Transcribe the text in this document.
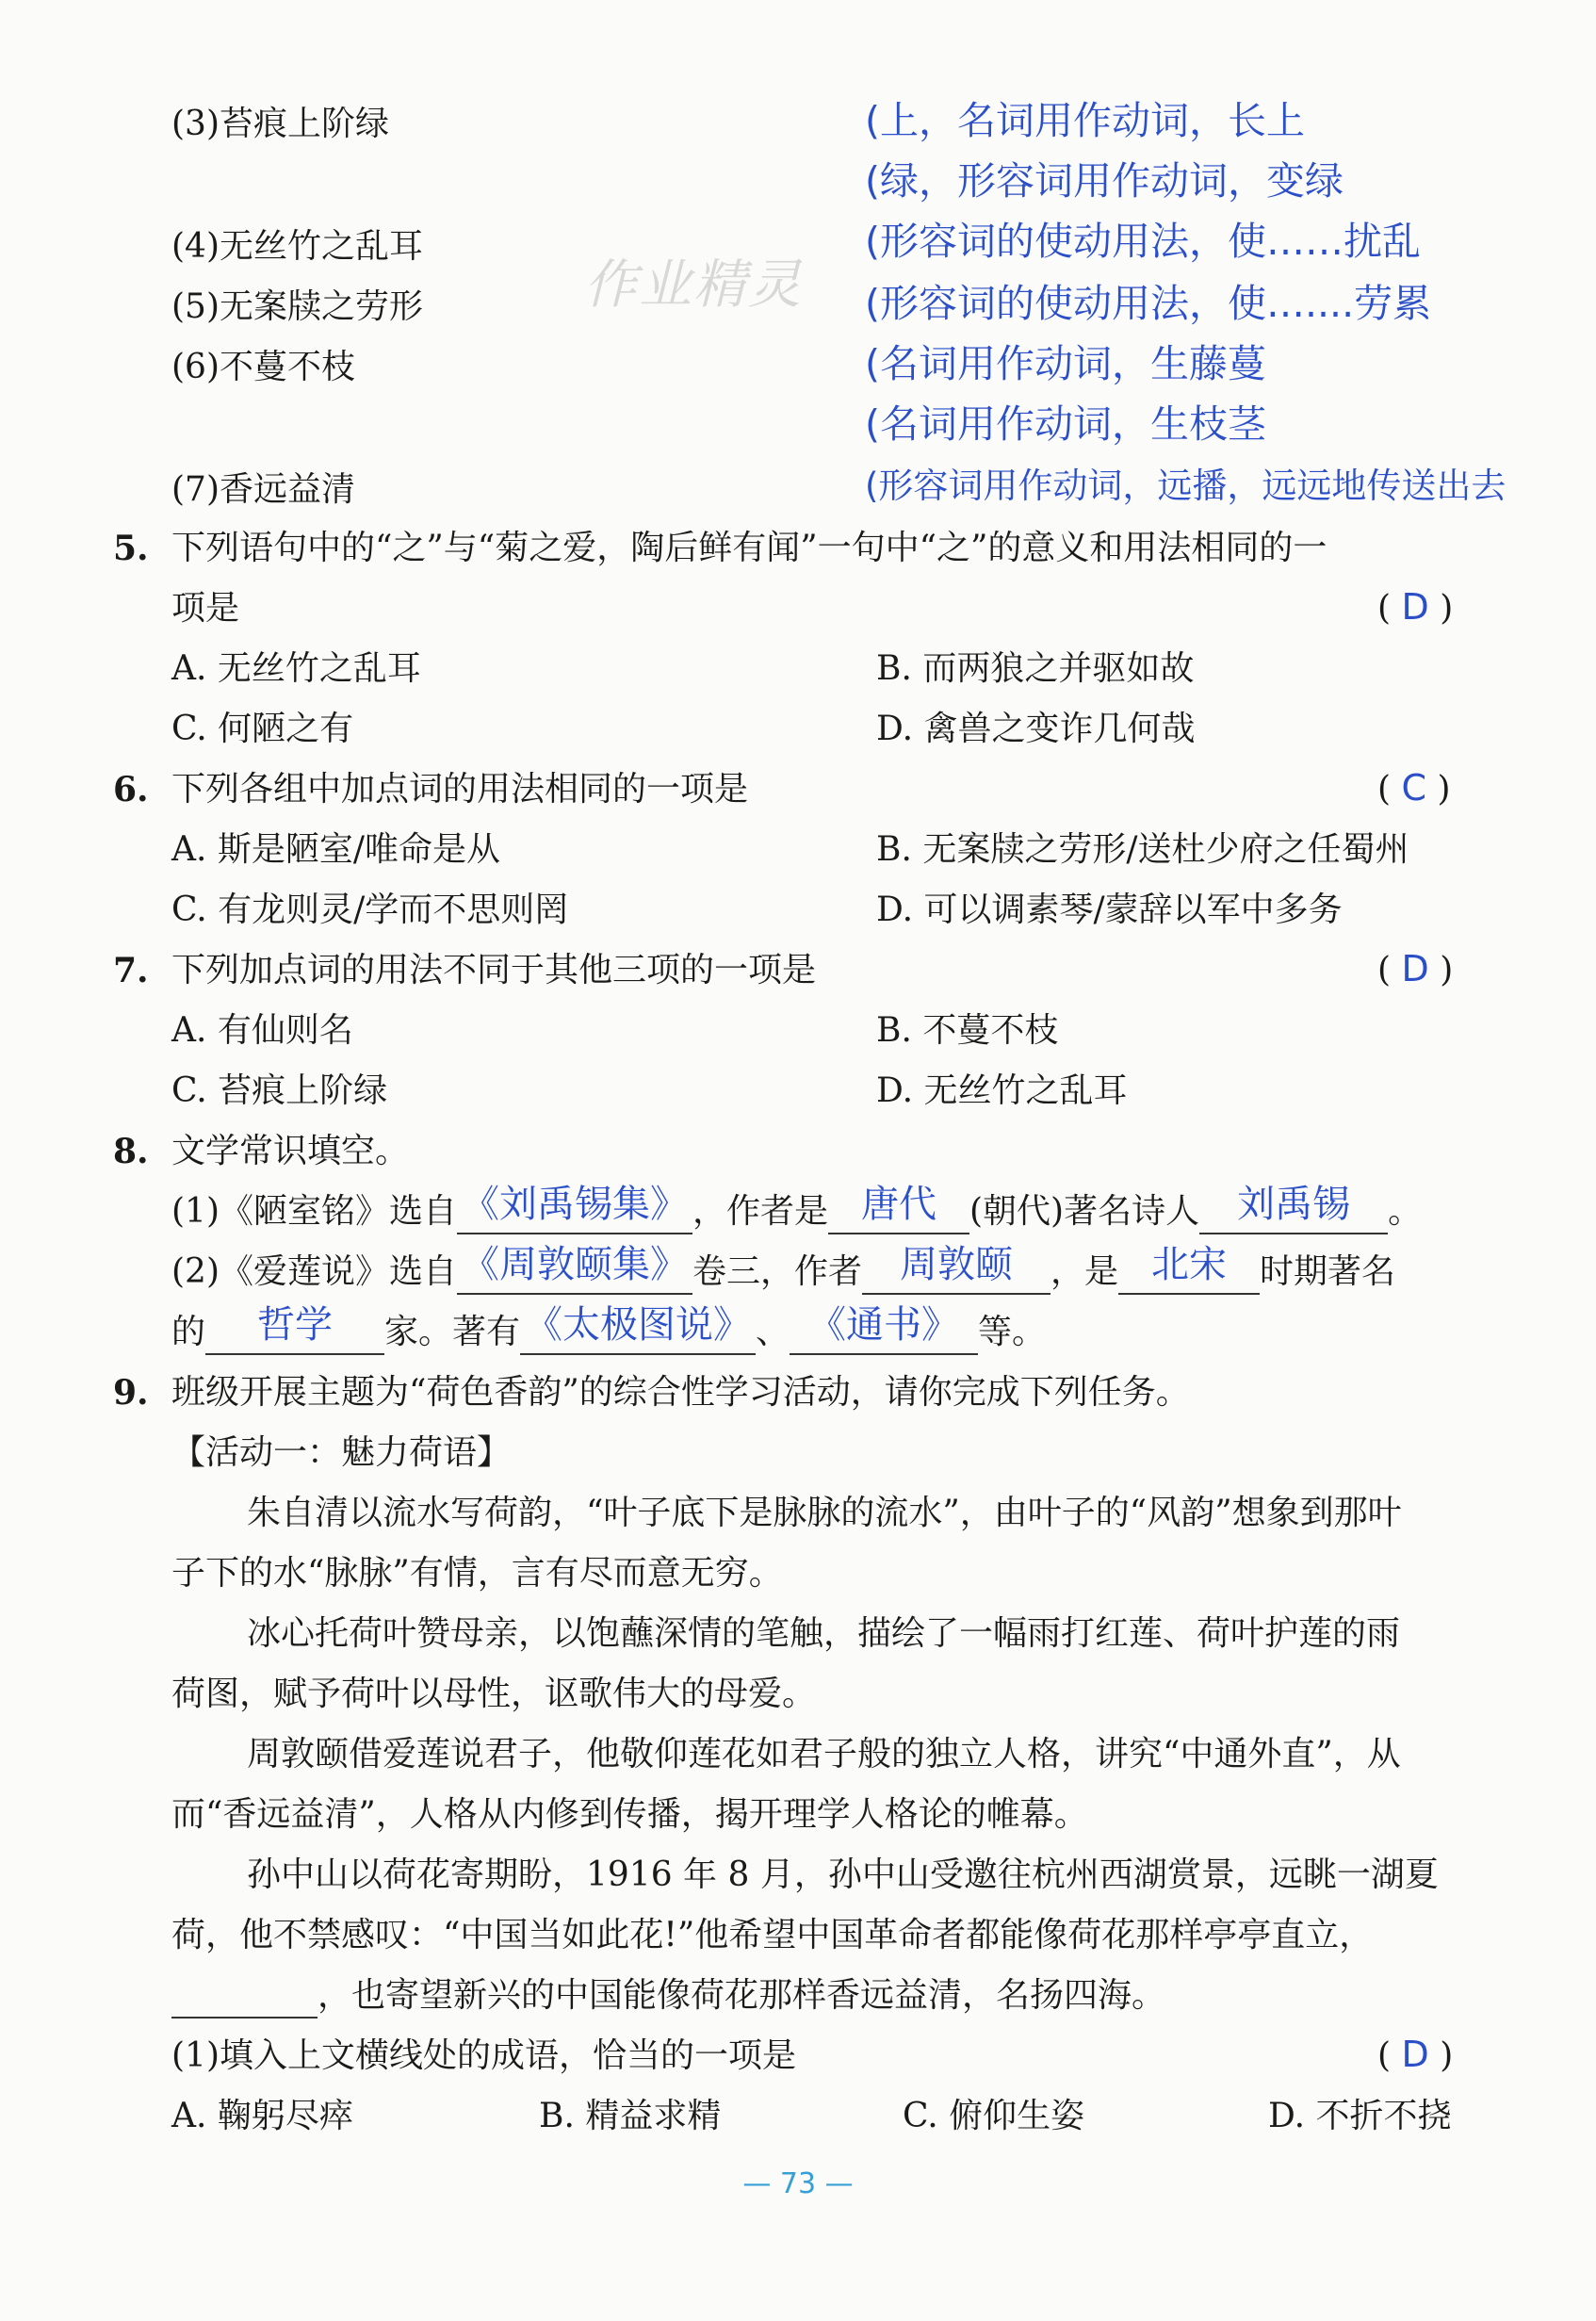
作业精灵
(3)苔痕上阶绿	(上，名词用作动词，长上
(绿，形容词用作动词，变绿
(4)无丝竹之乱耳	(形容词的使动用法，使……扰乱
(5)无案牍之劳形	(形容词的使动用法，使…....劳累
(6)不蔓不枝	(名词用作动词，生藤蔓
(名词用作动词，生枝茎
(7)香远益清	(形容词用作动词，远播，远远地传送出去
5. 下列语句中的“之”与“菊之爱，陶后鲜有闻”一句中“之”的意义和用法相同的一
项是	( D )
A. 无丝竹之乱耳	B. 而两狼之并驱如故
C. 何陋之有	D. 禽兽之变诈几何哉
6. 下列各组中加点词的用法相同的一项是	( C )
A. 斯是陋室/唯命是从	B. 无案牍之劳形/送杜少府之任蜀州
C. 有龙则灵/学而不思则罔	D. 可以调素琴/蒙辞以军中多务
7. 下列加点词的用法不同于其他三项的一项是	( D )
A. 有仙则名	B. 不蔓不枝
C. 苔痕上阶绿	D. 无丝竹之乱耳
8. 文学常识填空。
(1)《陋室铭》选自 《刘禹锡集》 ，作者是 唐代 (朝代)著名诗人	刘禹锡	。
(2)《爱莲说》选自 《周敦颐集》 卷三，作者	周敦颐	，是 北宋 时期著名
的	哲学	家。著有 《太极图说》 、 《通书》 等。
9. 班级开展主题为“荷色香韵”的综合性学习活动，请你完成下列任务。
【活动一：魅力荷语】
朱自清以流水写荷韵，“叶子底下是脉脉的流水”，由叶子的“风韵”想象到那叶
子下的水“脉脉”有情，言有尽而意无穷。
冰心托荷叶赞母亲，以饱蘸深情的笔触，描绘了一幅雨打红莲、荷叶护莲的雨
荷图，赋予荷叶以母性，讴歌伟大的母爱。
周敦颐借爱莲说君子，他敬仰莲花如君子般的独立人格，讲究“中通外直”，从
而“香远益清”，人格从内修到传播，揭开理学人格论的帷幕。
孙中山以荷花寄期盼，1916 年 8 月，孙中山受邀往杭州西湖赏景，远眺一湖夏
荷，他不禁感叹：“中国当如此花!”他希望中国革命者都能像荷花那样亭亭直立，
，也寄望新兴的中国能像荷花那样香远益清，名扬四海。
(1)填入上文横线处的成语，恰当的一项是	( D )
A. 鞠躬尽瘁	B. 精益求精	C. 俯仰生姿	D. 不折不挠
— 73 —
